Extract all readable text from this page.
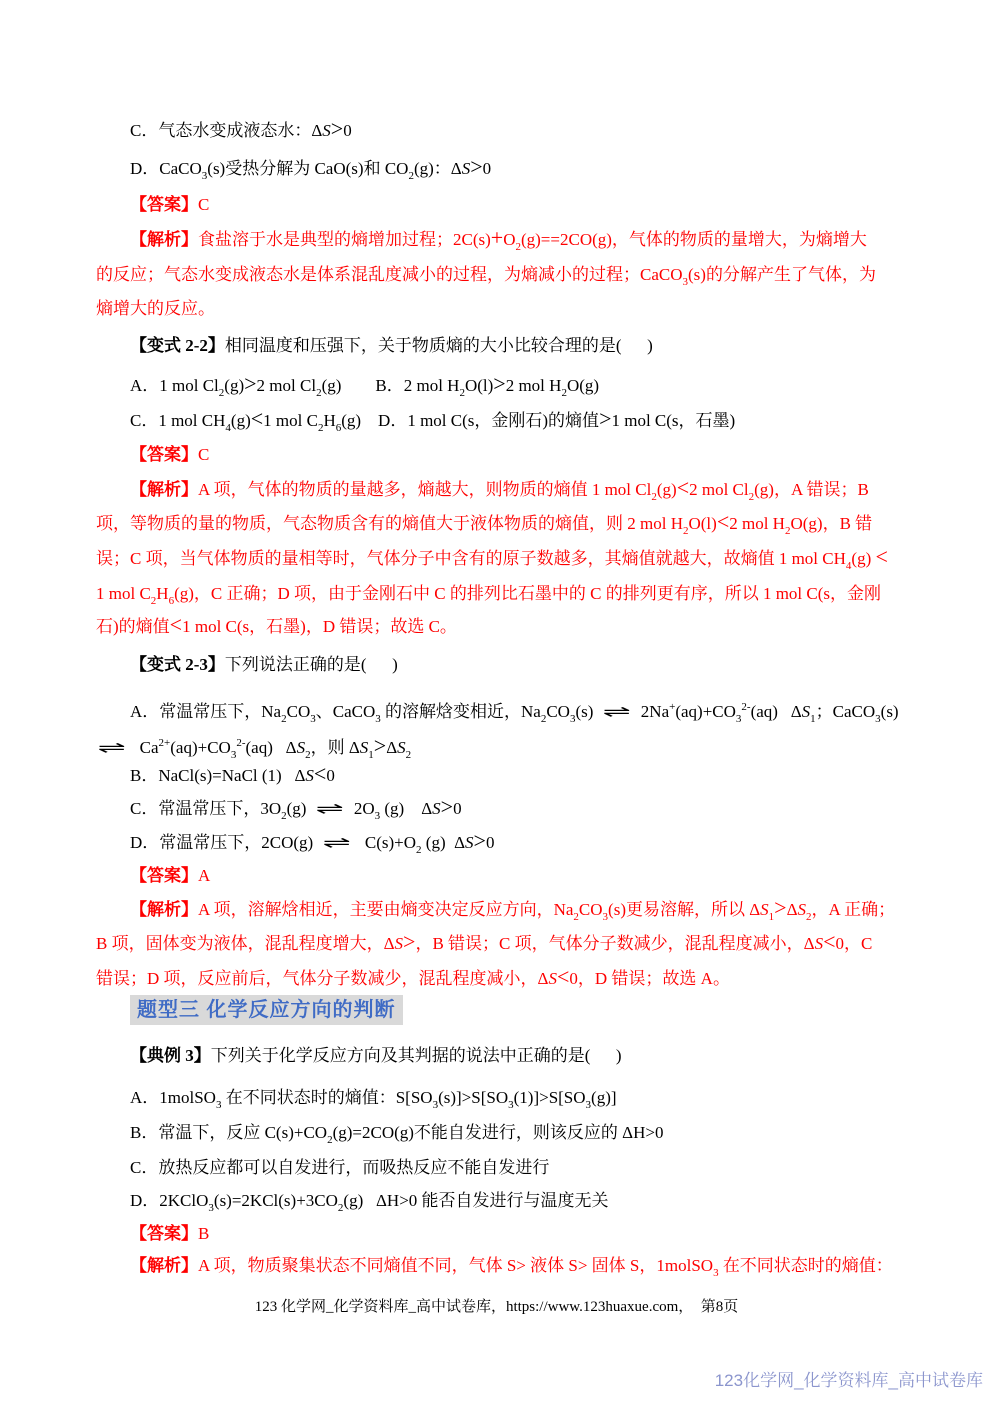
C．气态水变成液态水：ΔS>0
D．CaCO$_3$(s)受热分解为 CaO(s)和 $CO_2(g)$：ΔS>0
【答案】C
【解析】食盐溶于水是典型的熵增加过程；$2C(s)+O_2(g)==2CO(g)$，气体的物质的量增大，为熵增大
的反应；气态水变成液态水是体系混乱度减小的过程，为熵减小的过程；CaCO$_3$(s)的分解产生了气体，为
熵增大的反应。
【变式 2-2】相同温度和压强下，关于物质熵的大小比较合理的是(      )
A．1 mol $Cl_2(g)>2$ mol $Cl_2(g)$        B．2 mol $H_2O(l)>2$ mol $H_2O(g)$
C．1 mol $CH_4(g)<1$ mol $C_2H_6(g)$    D．1 mol C(s，金刚石)的熵值>1 mol C(s，石墨)
【答案】C
【解析】A 项，气体的物质的量越多，熵越大，则物质的熵值 1 mol $Cl_2(g)<2$ mol $Cl_2(g)$，A 错误；B
项，等物质的量的物质，气态物质含有的熵值大于液体物质的熵值，则 2 mol $H_2O(l)<2$ mol $H_2O(g)$，B 错
误；C 项，当气体物质的量相等时，气体分子中含有的原子数越多，其熵值就越大，故熵值 1 mol $CH_4(g)$ <
1 mol $C_2H_6(g)$，C 正确；D 项，由于金刚石中 C 的排列比石墨中的 C 的排列更有序，所以 1 mol C(s，金刚
石)的熵值<1 mol C(s，石墨)，D 错误；故选 C。
【变式 2-3】下列说法正确的是(      )
A．常温常压下，$Na_2CO_3$、CaCO$_3$ 的溶解焓变相近，$Na_2CO_3(s)$ ⇌ $2Na^+(aq)+CO_3^{2-}(aq)$   $\Delta S_1$；CaCO$_3$(s)
⇌ $Ca^{2+}(aq)+CO_3^{2-}(aq)$   $\Delta S_2$，则 $\Delta S_1>\Delta S_2$
B．NaCl(s)=NaCl (1)   ΔS<0
C．常温常压下，$3O_2(g)$ ⇌ $2O_3$ (g)    ΔS>0
D．常温常压下，2CO(g) ⇌ $C(s)+O_2$ (g)  ΔS>0
【答案】A
【解析】A 项，溶解焓相近，主要由熵变决定反应方向，$Na_2CO_3(s)$更易溶解，所以 $\Delta S_1>\Delta S_2$，A 正确；
B 项，固体变为液体，混乱程度增大，ΔS>，B 错误；C 项，气体分子数减少，混乱程度减小，ΔS<0，C
错误；D 项，反应前后，气体分子数减少，混乱程度减小，ΔS<0，D 错误；故选 A。
题型三 化学反应方向的判断
【典例 3】下列关于化学反应方向及其判据的说法中正确的是(      )
A．1molSO$_3$ 在不同状态时的熵值：$S[SO_3(s)]>S[SO_3(1)]>S[SO_3(g)]$
B．常温下，反应 $C(s)+CO_2(g)=2CO(g)$不能自发进行，则该反应的 ΔH>0
C．放热反应都可以自发进行，而吸热反应不能自发进行
D．$2KClO_3(s)=2KCl(s)+3CO_2(g)$   ΔH>0 能否自发进行与温度无关
【答案】B
【解析】A 项，物质聚集状态不同熵值不同，气体 S> 液体 S> 固体 S，1molSO$_3$ 在不同状态时的熵值：
123 化学网_化学资料库_高中试卷库，https://www.123huaxue.com，  第8页
123化学网_化学资料库_高中试卷库
